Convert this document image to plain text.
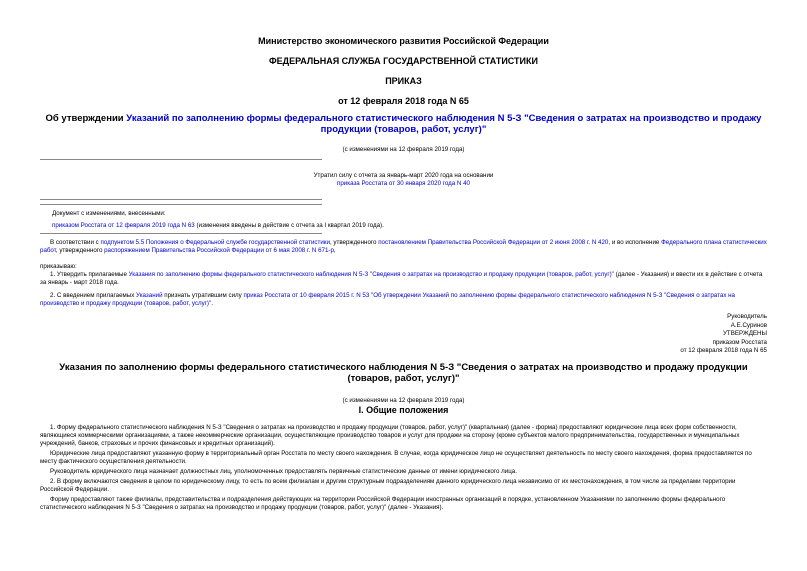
Министерство экономического развития Российской Федерации
ФЕДЕРАЛЬНАЯ СЛУЖБА ГОСУДАРСТВЕННОЙ СТАТИСТИКИ
ПРИКАЗ
от 12 февраля 2018 года N 65
Об утверждении Указаний по заполнению формы федерального статистического наблюдения N 5-З "Сведения о затратах на производство и продажу продукции (товаров, работ, услуг)"
(с изменениями на 12 февраля 2019 года)
Утратил силу с отчета за январь-март 2020 года на основании
приказа Росстата от 30 января 2020 года N 40
Документ с изменениями, внесенными:
приказом Росстата от 12 февраля 2019 года N 63 (изменения введены в действие с отчета за I квартал 2019 года).
В соответствии с подпунктом 5.5 Положения о Федеральной службе государственной статистики, утвержденного постановлением Правительства Российской Федерации от 2 июня 2008 г. N 420, и во исполнение Федерального плана статистических работ, утвержденного распоряжением Правительства Российской Федерации от 6 мая 2008 г. N 671-р,
приказываю:
1. Утвердить прилагаемые Указания по заполнению формы федерального статистического наблюдения N 5-З "Сведения о затратах на производство и продажу продукции (товаров, работ, услуг)" (далее - Указания) и ввести их в действие с отчета за январь - март 2018 года.
2. С введением прилагаемых Указаний признать утратившим силу приказ Росстата от 10 февраля 2015 г. N 53 "Об утверждении Указаний по заполнению формы федерального статистического наблюдения N 5-З "Сведения о затратах на производство и продажу продукции (товаров, работ, услуг)".
Руководитель
А.Е.Суринов
УТВЕРЖДЕНЫ
приказом Росстата
от 12 февраля 2018 года N 65
Указания по заполнению формы федерального статистического наблюдения N 5-З "Сведения о затратах на производство и продажу продукции (товаров, работ, услуг)"
(с изменениями на 12 февраля 2019 года)
I. Общие положения
1. Форму федерального статистического наблюдения N 5-З "Сведения о затратах на производство и продажу продукции (товаров, работ, услуг)" (квартальная) (далее - форма) предоставляют юридические лица всех форм собственности, являющиеся коммерческими организациями, а также некоммерческие организации, осуществляющие производство товаров и услуг для продажи на сторону (кроме субъектов малого предпринимательства, государственных и муниципальных учреждений, банков, страховых и прочих финансовых и кредитных организаций).
Юридические лица предоставляют указанную форму в территориальный орган Росстата по месту своего нахождения. В случае, когда юридическое лицо не осуществляет деятельность по месту своего нахождения, форма предоставляется по месту фактического осуществления деятельности.
Руководитель юридического лица назначает должностных лиц, уполномоченных предоставлять первичные статистические данные от имени юридического лица.
2. В форму включаются сведения в целом по юридическому лицу, то есть по всем филиалам и другим структурным подразделениям данного юридического лица независимо от их местонахождения, в том числе за пределами территории Российской Федерации.
Форму предоставляют также филиалы, представительства и подразделения действующих на территории Российской Федерации иностранных организаций в порядке, установленном Указаниями по заполнению формы федерального статистического наблюдения N 5-З "Сведения о затратах на производство и продажу продукции (товаров, работ, услуг)" (далее - Указания).
